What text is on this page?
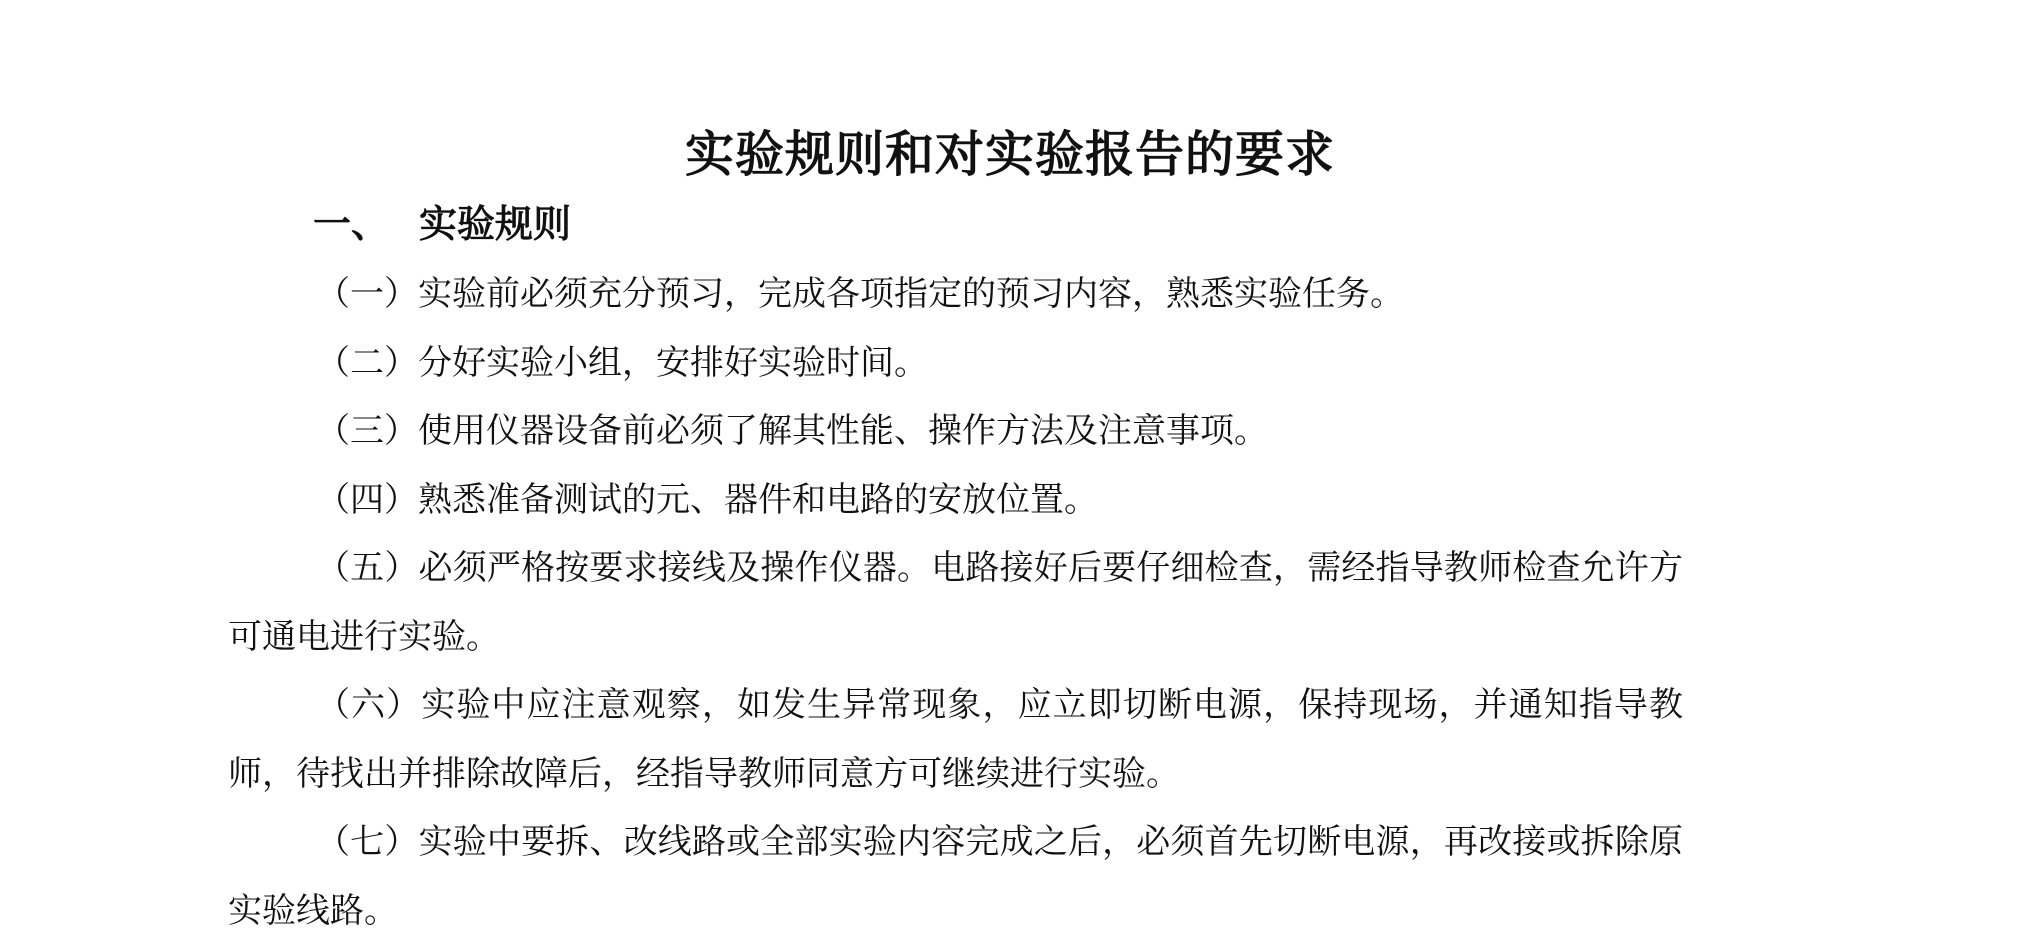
实验规则和对实验报告的要求
一、 实验规则
（一）实验前必须充分预习，完成各项指定的预习内容，熟悉实验任务。
（二）分好实验小组，安排好实验时间。
（三）使用仪器设备前必须了解其性能、操作方法及注意事项。
（四）熟悉准备测试的元、器件和电路的安放位置。
（五）必须严格按要求接线及操作仪器。电路接好后要仔细检查，需经指导教师检查允许方可通电进行实验。
（六）实验中应注意观察，如发生异常现象，应立即切断电源，保持现场，并通知指导教师，待找出并排除故障后，经指导教师同意方可继续进行实验。
（七）实验中要拆、改线路或全部实验内容完成之后，必须首先切断电源，再改接或拆除原实验线路。
